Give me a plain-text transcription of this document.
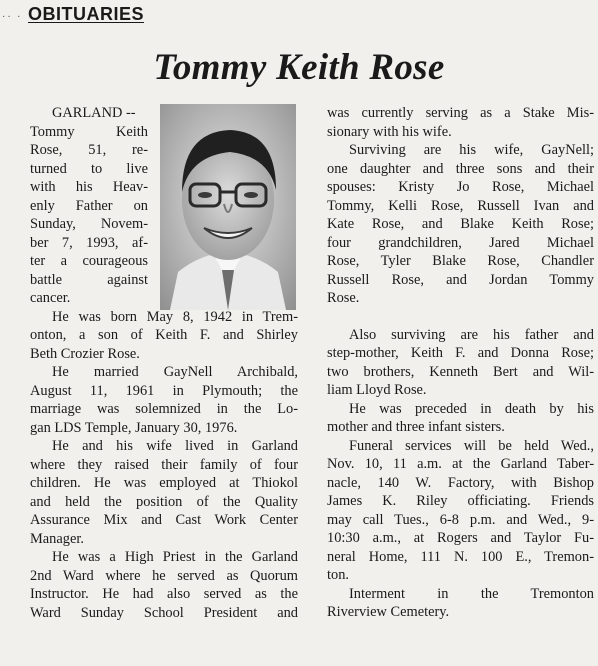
·· · OBITUARIES
Tommy Keith Rose
GARLAND --
Tommy Keith
Rose, 51, re-
turned to live
with his Heav-
enly Father on
Sunday, Novem-
ber 7, 1993, af-
ter a courageous
battle against
cancer.

He was born May 8, 1942 in Trem-
onton, a son of Keith F. and Shirley
Beth Crozier Rose.

He married GayNell Archibald,
August 11, 1961 in Plymouth; the
marriage was solemnized in the Lo-
gan LDS Temple, January 30, 1976.

He and his wife lived in Garland
where they raised their family of four
children. He was employed at Thiokol
and held the position of the Quality
Assurance Mix and Cast Work Center
Manager.

He was a High Priest in the Garland
2nd Ward where he served as Quorum
Instructor. He had also served as the
Ward Sunday School President and

was currently serving as a Stake Mis-
sionary with his wife.

Surviving are his wife, GayNell;
one daughter and three sons and their
spouses: Kristy Jo Rose, Michael
Tommy, Kelli Rose, Russell Ivan and
Kate Rose, and Blake Keith Rose;
four grandchildren, Jared Michael
Rose, Tyler Blake Rose, Chandler
Russell Rose, and Jordan Tommy
Rose.

Also surviving are his father and
step-mother, Keith F. and Donna Rose;
two brothers, Kenneth Bert and Wil-
liam Lloyd Rose.

He was preceded in death by his
mother and three infant sisters.

Funeral services will be held Wed.,
Nov. 10, 11 a.m. at the Garland Taber-
nacle, 140 W. Factory, with Bishop
James K. Riley officiating. Friends
may call Tues., 6-8 p.m. and Wed., 9-
10:30 a.m., at Rogers and Taylor Fu-
neral Home, 111 N. 100 E., Tremon-
ton.

Interment in the Tremonton
Riverview Cemetery.
